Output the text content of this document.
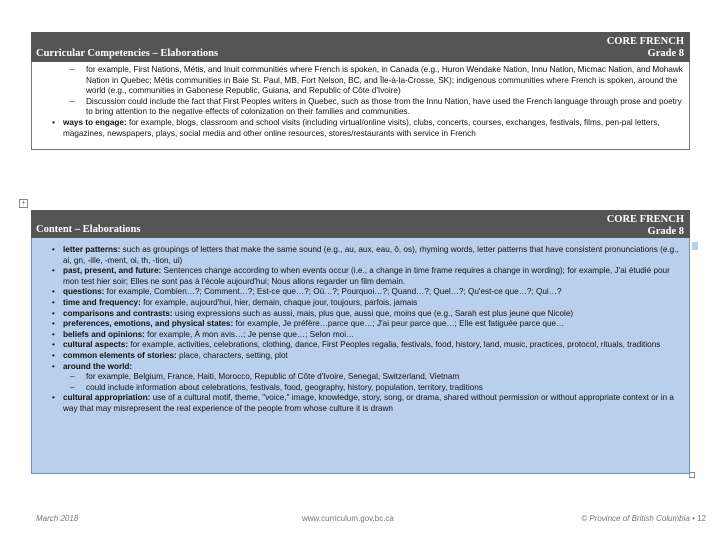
CORE FRENCH
Grade 8
Curricular Competencies – Elaborations
– for example, First Nations, Métis, and Inuit communities where French is spoken, in Canada (e.g., Huron Wendake Nation, Innu Nation, Micmac Nation, and Mohawk Nation in Quebec; Métis communities in Baie St. Paul, MB, Fort Nelson, BC, and Île-à-la-Crosse, SK); indigenous communities where French is spoken, around the world (e.g., communities in Gabonese Republic, Guiana, and Republic of Côte d'Ivoire)
– Discussion could include the fact that First Peoples writers in Quebec, such as those from the Innu Nation, have used the French language through prose and poetry to bring attention to the negative effects of colonization on their families and communities.
• ways to engage: for example, blogs, classroom and school visits (including virtual/online visits), clubs, concerts, courses, exchanges, festivals, films, pen-pal letters, magazines, newspapers, plays, social media and other online resources, stores/restaurants with service in French
+
CORE FRENCH
Grade 8
Content – Elaborations
• letter patterns: such as groupings of letters that make the same sound (e.g., au, aux, eau, ô, os), rhyming words, letter patterns that have consistent pronunciations (e.g., ai, gn, -ille, -ment, oi, th, -tion, ui)
• past, present, and future: Sentences change according to when events occur (i.e., a change in time frame requires a change in wording); for example, J'ai étudié pour mon test hier soir; Elles ne sont pas à l'école aujourd'hui; Nous allons regarder un film demain.
• questions: for example, Combien…?; Comment…?; Est-ce que…?; Où…?; Pourquoi…?; Quand…?; Quel…?; Qu'est-ce que…?; Qui…?
• time and frequency: for example, aujourd'hui, hier, demain, chaque jour, toujours, parfois, jamais
• comparisons and contrasts: using expressions such as aussi, mais, plus que, aussi que, moins que (e.g., Sarah est plus jeune que Nicole)
• preferences, emotions, and physical states: for example, Je préfère…parce que…; J'ai peur parce que…; Elle est fatiguée parce que…
• beliefs and opinions: for example, À mon avis…; Je pense que…; Selon moi…
• cultural aspects: for example, activities, celebrations, clothing, dance, First Peoples regalia, festivals, food, history, land, music, practices, protocol, rituals, traditions
• common elements of stories: place, characters, setting, plot
• around the world:
– for example, Belgium, France, Haiti, Morocco, Republic of Côte d'Ivoire, Senegal, Switzerland, Vietnam
– could include information about celebrations, festivals, food, geography, history, population, territory, traditions
• cultural appropriation: use of a cultural motif, theme, "voice," image, knowledge, story, song, or drama, shared without permission or without appropriate context or in a way that may misrepresent the real experience of the people from whose culture it is drawn
March 2018	www.curriculum.gov.bc.ca	© Province of British Columbia • 12
